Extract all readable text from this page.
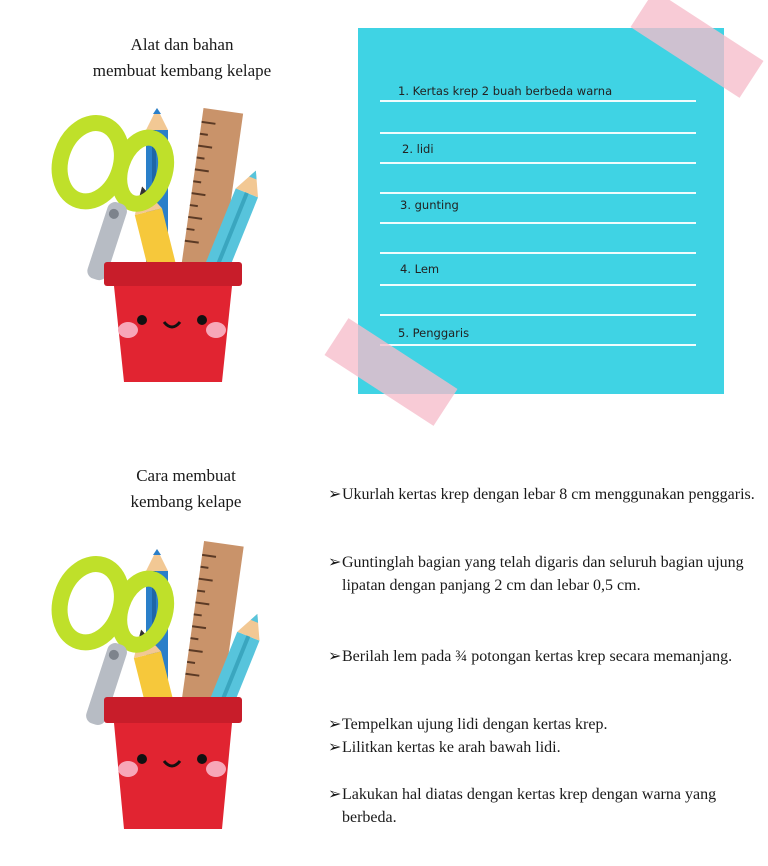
Alat dan bahan
membuat kembang kelape
1. Kertas krep 2 buah berbeda warna
2. lidi
3. gunting
4. Lem
5. Penggaris
Cara membuat
kembang kelape	➢ Ukurlah kertas krep dengan lebar 8 cm menggunakan penggaris.
➢ Guntinglah bagian yang telah digaris dan seluruh bagian ujung lipatan dengan panjang 2 cm dan lebar 0,5 cm.
➢ Berilah lem pada ¾ potongan kertas krep secara memanjang.
➢ Tempelkan ujung lidi dengan kertas krep.
➢ Lilitkan kertas ke arah bawah lidi.
➢ Lakukan hal diatas dengan kertas krep dengan warna yang berbeda.
